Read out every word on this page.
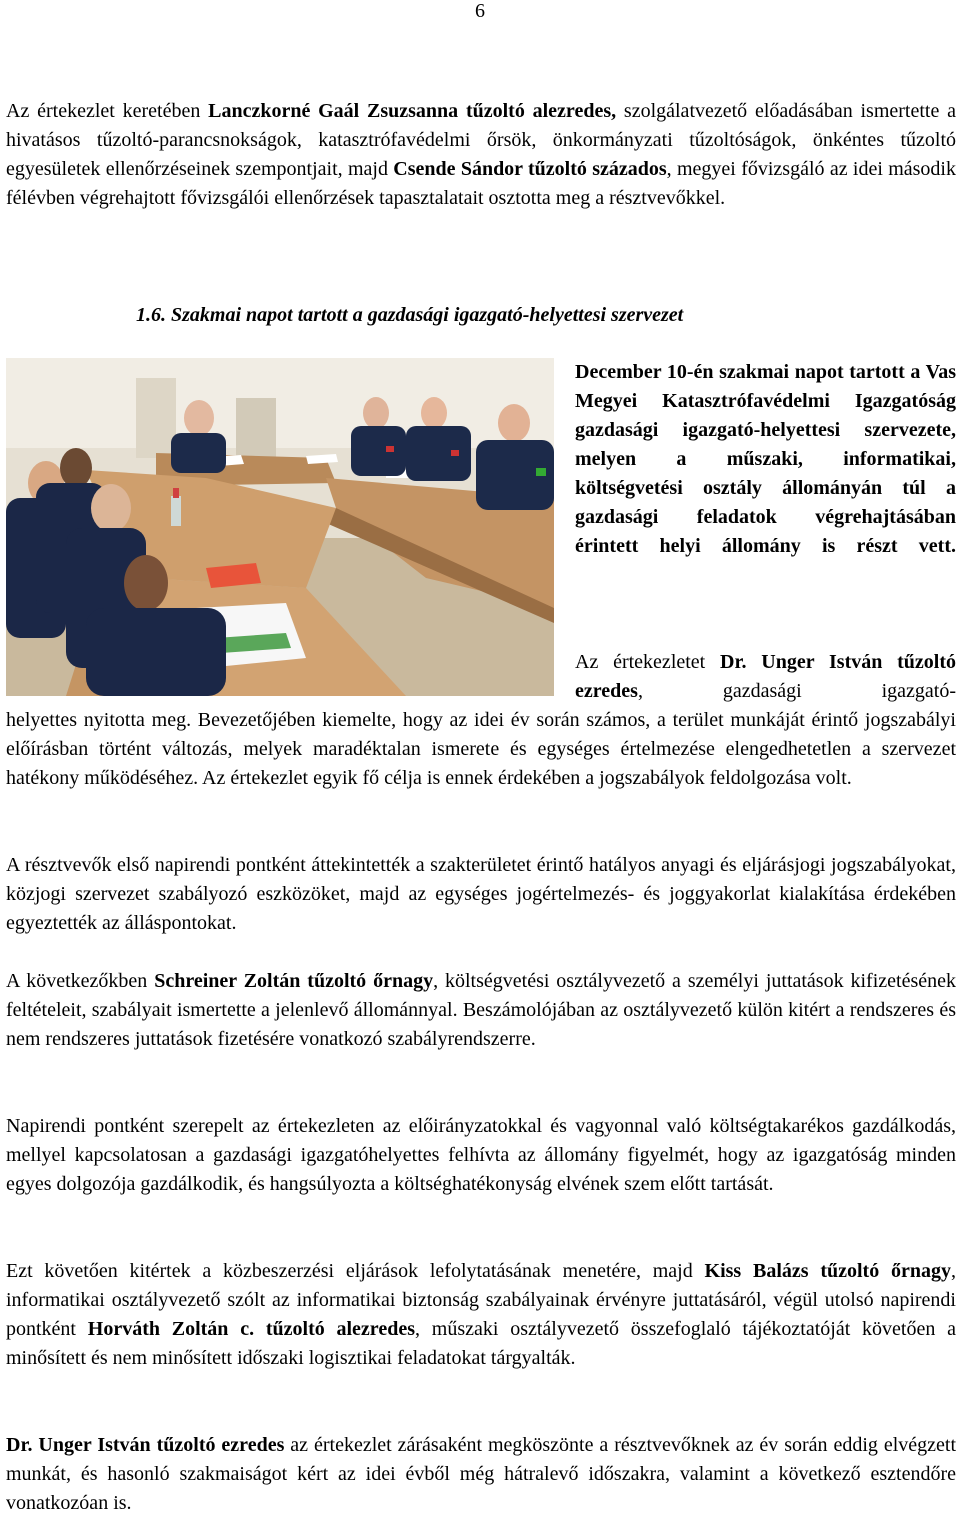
6

Az értekezlet keretében Lanczkorné Gaál Zsuzsanna tűzoltó alezredes, szolgálatvezető előadásában ismertette a hivatásos tűzoltó-parancsnokságok, katasztrófavédelmi őrsök, önkormányzati tűzoltóságok, önkéntes tűzoltó egyesületek ellenőrzéseinek szempontjait, majd Csende Sándor tűzoltó százados, megyei fővizsgáló az idei második félévben végrehajtott fővizsgálói ellenőrzések tapasztalatait osztotta meg a résztvevőkkel.

1.6. Szakmai napot tartott a gazdasági igazgató-helyettesi szervezet

December 10-én szakmai napot tartott a Vas Megyei Katasztrófavédelmi Igazgatóság gazdasági igazgató-helyettesi szervezete, melyen a műszaki, informatikai, költségvetési osztály állományán túl a gazdasági feladatok végrehajtásában érintett helyi állomány is részt vett.

Az értekezletet Dr. Unger István tűzoltó ezredes, gazdasági igazgató-

helyettes nyitotta meg. Bevezetőjében kiemelte, hogy az idei év során számos, a terület munkáját érintő jogszabályi előírásban történt változás, melyek maradéktalan ismerete és egységes értelmezése elengedhetetlen a szervezet hatékony működéséhez. Az értekezlet egyik fő célja is ennek érdekében a jogszabályok feldolgozása volt.

A résztvevők első napirendi pontként áttekintették a szakterületet érintő hatályos anyagi és eljárásjogi jogszabályokat, közjogi szervezet szabályozó eszközöket, majd az egységes jogértelmezés- és joggyakorlat kialakítása érdekében egyeztették az álláspontokat.

A következőkben Schreiner Zoltán tűzoltó őrnagy, költségvetési osztályvezető a személyi juttatások kifizetésének feltételeit, szabályait ismertette a jelenlevő állománnyal. Beszámolójában az osztályvezető külön kitért a rendszeres és nem rendszeres juttatások fizetésére vonatkozó szabályrendszerre.

Napirendi pontként szerepelt az értekezleten az előirányzatokkal és vagyonnal való költségtakarékos gazdálkodás, mellyel kapcsolatosan a gazdasági igazgatóhelyettes felhívta az állomány figyelmét, hogy az igazgatóság minden egyes dolgozója gazdálkodik, és hangsúlyozta a költséghatékonyság elvének szem előtt tartását.

Ezt követően kitértek a közbeszerzési eljárások lefolytatásának menetére, majd Kiss Balázs tűzoltó őrnagy, informatikai osztályvezető szólt az informatikai biztonság szabályainak érvényre juttatásáról, végül utolsó napirendi pontként Horváth Zoltán c. tűzoltó alezredes, műszaki osztályvezető összefoglaló tájékoztatóját követően a minősített és nem minősített időszaki logisztikai feladatokat tárgyalták.

Dr. Unger István tűzoltó ezredes az értekezlet zárásaként megköszönte a résztvevőknek az év során eddig elvégzett munkát, és hasonló szakmaiságot kért az idei évből még hátralevő időszakra, valamint a következő esztendőre vonatkozóan is.
